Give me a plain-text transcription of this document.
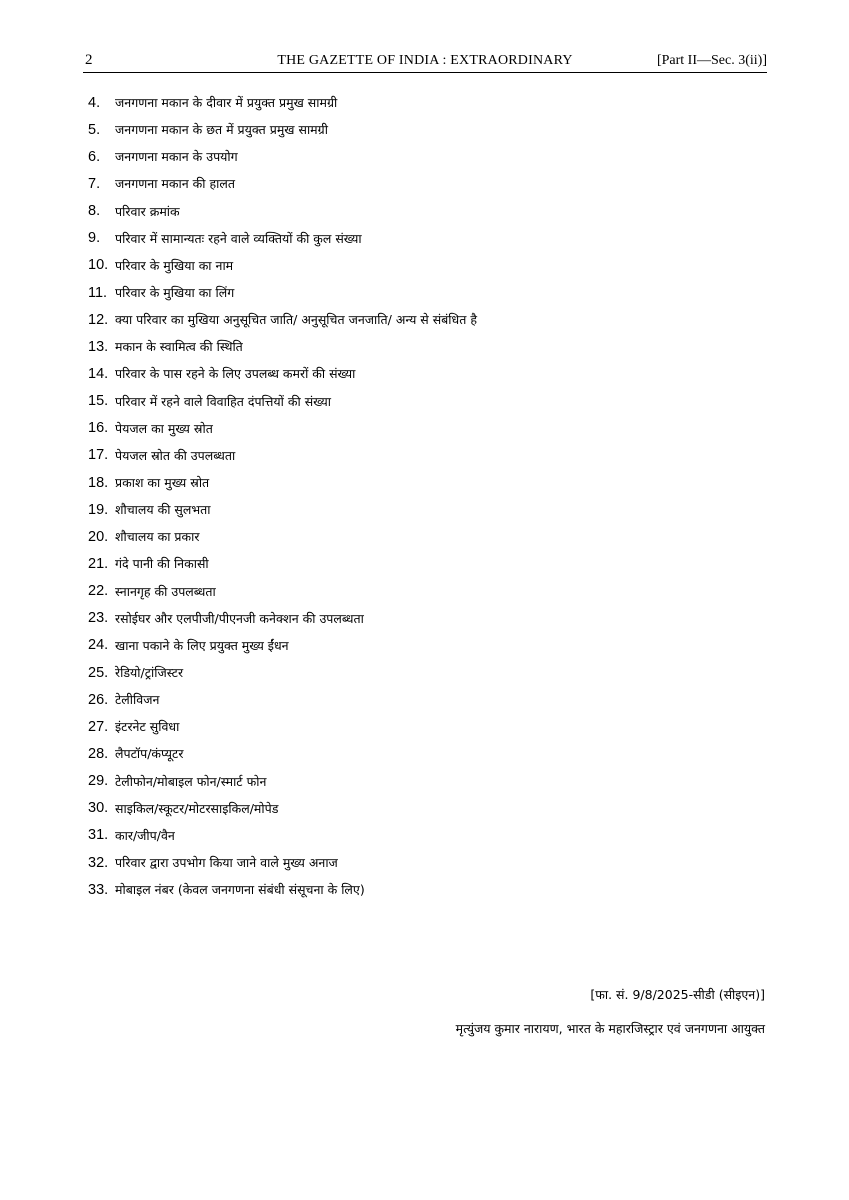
2	THE GAZETTE OF INDIA : EXTRAORDINARY	[Part II—Sec. 3(ii)]
4.	जनगणना मकान के दीवार में प्रयुक्त प्रमुख सामग्री
5.	जनगणना मकान के छत में प्रयुक्त प्रमुख सामग्री
6.	जनगणना मकान के उपयोग
7.	जनगणना मकान की हालत
8.	परिवार क्रमांक
9.	परिवार में सामान्यतः रहने वाले व्यक्तियों की कुल संख्या
10. परिवार के मुखिया का नाम
11. परिवार के मुखिया का लिंग
12. क्या परिवार का मुखिया अनुसूचित जाति/ अनुसूचित जनजाति/ अन्य से संबंधित है
13. मकान के स्वामित्व की स्थिति
14. परिवार के पास रहने के लिए उपलब्ध कमरों की संख्या
15. परिवार में रहने वाले विवाहित दंपत्तियों की संख्या
16. पेयजल का मुख्य स्रोत
17. पेयजल स्रोत की उपलब्धता
18. प्रकाश का मुख्य स्रोत
19. शौचालय की सुलभता
20. शौचालय का प्रकार
21. गंदे पानी की निकासी
22. स्नानगृह की उपलब्धता
23. रसोईघर और एलपीजी/पीएनजी कनेक्शन की उपलब्धता
24. खाना पकाने के लिए प्रयुक्त मुख्य ईंधन
25. रेडियो/ट्रांजिस्टर
26. टेलीविजन
27. इंटरनेट सुविधा
28. लैपटॉप/कंप्यूटर
29. टेलीफोन/मोबाइल फोन/स्मार्ट फोन
30. साइकिल/स्कूटर/मोटरसाइकिल/मोपेड
31. कार/जीप/वैन
32. परिवार द्वारा उपभोग किया जाने वाले मुख्य अनाज
33. मोबाइल नंबर (केवल जनगणना संबंधी संसूचना के लिए)
[फा. सं. 9/8/2025-सीडी (सीइएन)]
मृत्युंजय कुमार नारायण, भारत के महारजिस्ट्रार एवं जनगणना आयुक्त
